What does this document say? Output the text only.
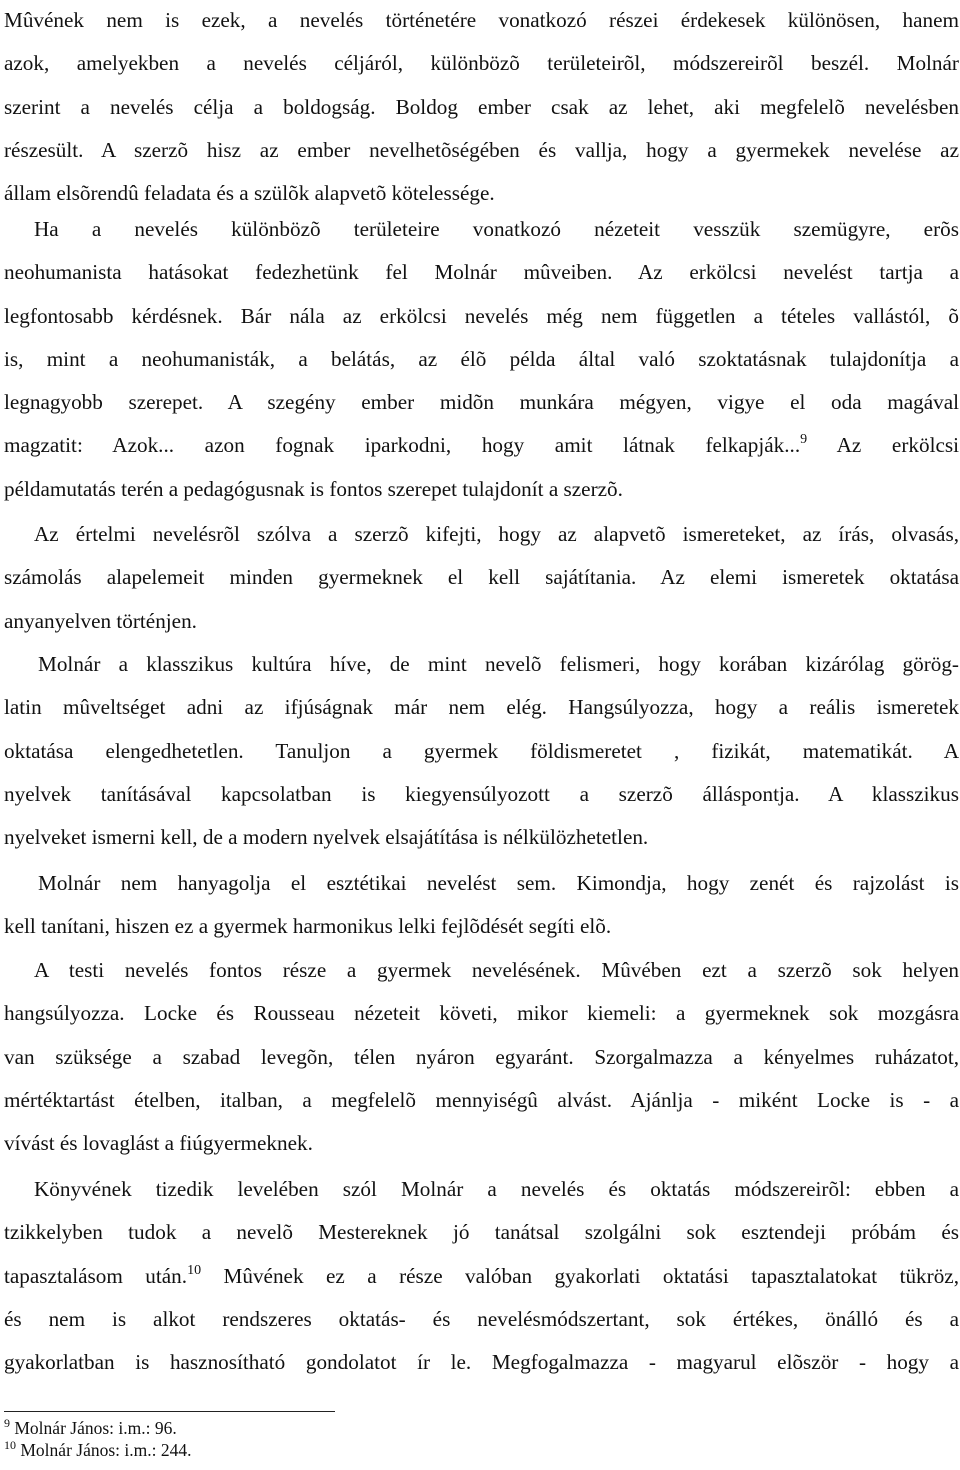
Mûvének nem is ezek, a nevelés történetére vonatkozó részei érdekesek különösen, hanem
azok, amelyekben a nevelés céljáról, különbözõ területeirõl, módszereirõl beszél. Molnár
szerint a nevelés célja a boldogság. Boldog ember csak az lehet, aki megfelelõ nevelésben
részesült. A szerzõ hisz az ember nevelhetõségében és vallja, hogy a gyermekek nevelése az
állam elsõrendû feladata és a szülõk alapvetõ kötelessége.

Ha a nevelés különbözõ területeire vonatkozó nézeteit vesszük szemügyre, erõs
neohumanista hatásokat fedezhetünk fel Molnár mûveiben. Az erkölcsi nevelést tartja a
legfontosabb kérdésnek. Bár nála az erkölcsi nevelés még nem független a tételes vallástól, õ
is, mint a neohumanisták, a belátás, az élõ példa által való szoktatásnak tulajdonítja a
legnagyobb szerepet. A szegény ember midõn munkára mégyen, vigye el oda magával
magzatit: Azok... azon fognak iparkodni, hogy amit látnak felkapják...$^9$ Az erkölcsi
példamutatás terén a pedagógusnak is fontos szerepet tulajdonít a szerzõ.

Az értelmi nevelésrõl szólva a szerzõ kifejti, hogy az alapvetõ ismereteket, az írás, olvasás,
számolás alapelemeit minden gyermeknek el kell sajátítania. Az elemi ismeretek oktatása
anyanyelven történjen.

Molnár a klasszikus kultúra híve, de mint nevelõ felismeri, hogy korában kizárólag görög-
latin mûveltséget adni az ifjúságnak már nem elég. Hangsúlyozza, hogy a reális ismeretek
oktatása elengedhetetlen. Tanuljon a gyermek földismeretet , fizikát, matematikát. A
nyelvek tanításával kapcsolatban is kiegyensúlyozott a szerzõ álláspontja. A klasszikus
nyelveket ismerni kell, de a modern nyelvek elsajátítása is nélkülözhetetlen.

Molnár nem hanyagolja el esztétikai nevelést sem. Kimondja, hogy zenét és rajzolást is
kell tanítani, hiszen ez a gyermek harmonikus lelki fejlõdését segíti elõ.

A testi nevelés fontos része a gyermek nevelésének. Mûvében ezt a szerzõ sok helyen
hangsúlyozza. Locke és Rousseau nézeteit követi, mikor kiemeli: a gyermeknek sok mozgásra
van szüksége a szabad levegõn, télen nyáron egyaránt. Szorgalmazza a kényelmes ruházatot,
mértéktartást ételben, italban, a megfelelõ mennyiségû alvást. Ajánlja - miként Locke is - a
vívást és lovaglást a fiúgyermeknek.

Könyvének tizedik levelében szól Molnár a nevelés és oktatás módszereirõl: ebben a
tzikkelyben tudok a nevelõ Mestereknek jó tanátsal szolgálni sok esztendeji próbám és
tapasztalásom után.$^{10}$ Mûvének ez a része valóban gyakorlati oktatási tapasztalatokat tükröz,
és nem is alkot rendszeres oktatás- és nevelésmódszertant, sok értékes, önálló és a
gyakorlatban is hasznosítható gondolatot ír le. Megfogalmazza - magyarul elõször - hogy a

$^9$ Molnár János: i.m.: 96.
$^{10}$ Molnár János: i.m.: 244.
